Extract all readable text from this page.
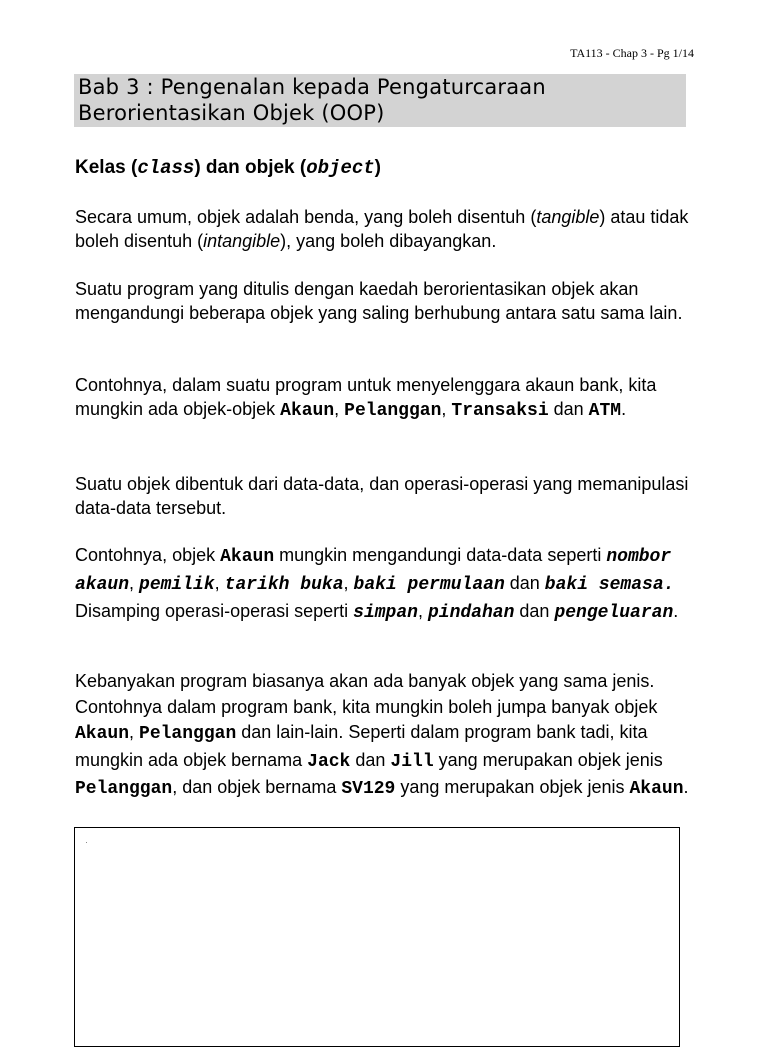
TA113 - Chap 3 - Pg 1/14
Bab 3 : Pengenalan kepada Pengaturcaraan Berorientasikan Objek (OOP)
Kelas (class) dan objek (object)
Secara umum, objek adalah benda, yang boleh disentuh (tangible) atau tidak boleh disentuh (intangible), yang boleh dibayangkan.
Suatu program yang ditulis dengan kaedah berorientasikan objek akan mengandungi beberapa objek yang saling berhubung antara satu sama lain.
Contohnya, dalam suatu program untuk menyelenggara akaun bank, kita mungkin ada objek-objek Akaun, Pelanggan, Transaksi dan ATM.
Suatu objek dibentuk dari data-data, dan operasi-operasi yang memanipulasi data-data tersebut.
Contohnya, objek Akaun mungkin mengandungi data-data seperti nombor akaun, pemilik, tarikh buka, baki permulaan dan baki semasa. Disamping operasi-operasi seperti simpan, pindahan dan pengeluaran.
Kebanyakan program biasanya akan ada banyak objek yang sama jenis. Contohnya dalam program bank, kita mungkin boleh jumpa banyak objek Akaun, Pelanggan dan lain-lain. Seperti dalam program bank tadi, kita mungkin ada objek bernama Jack dan Jill yang merupakan objek jenis Pelanggan, dan objek bernama SV129 yang merupakan objek jenis Akaun.
